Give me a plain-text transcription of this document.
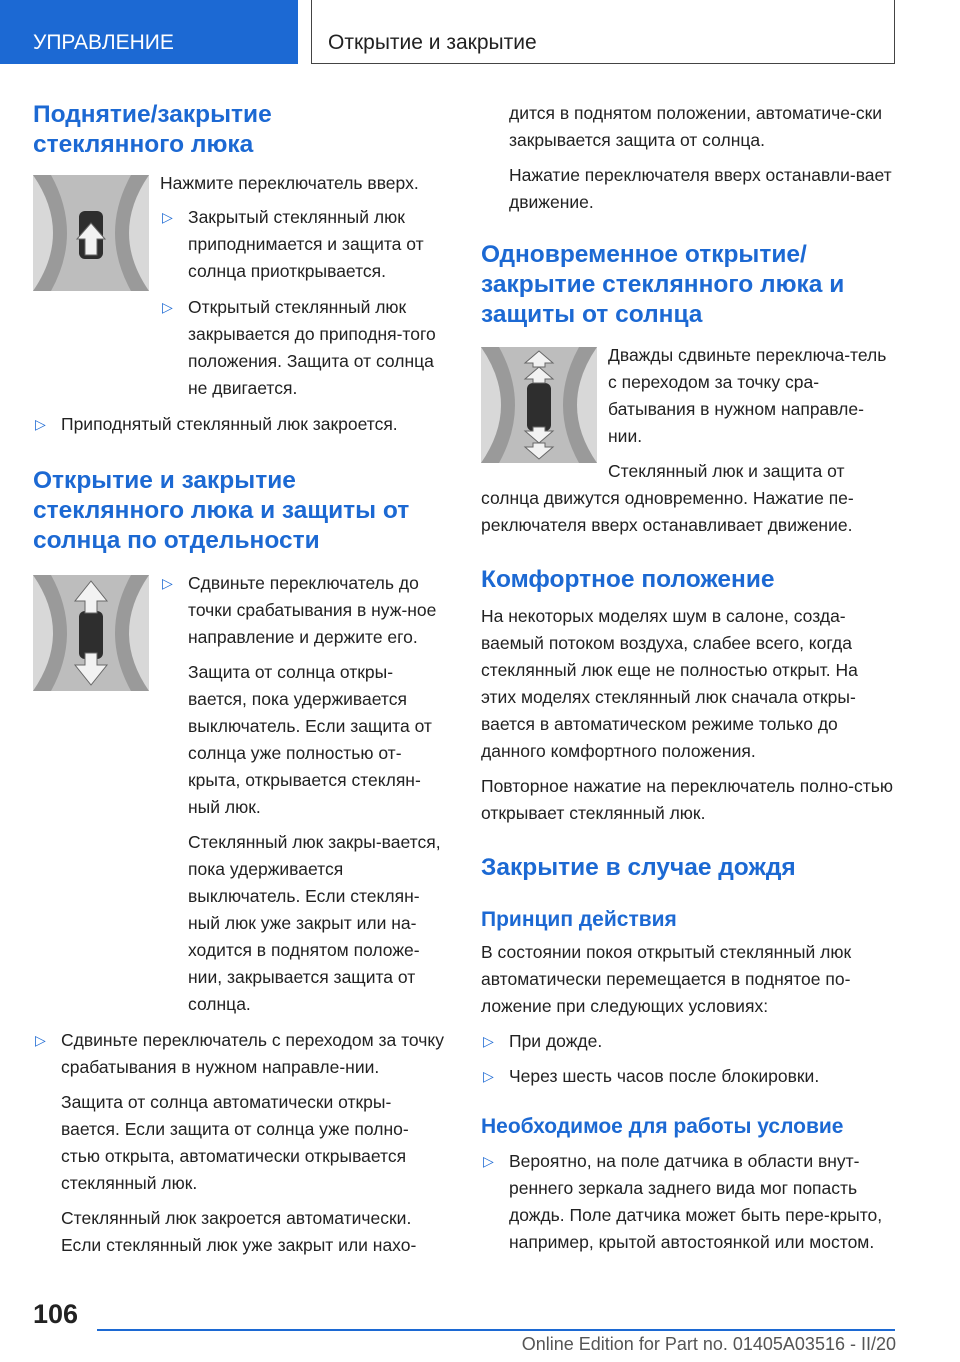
УПРАВЛЕНИЕ	Открытие и закрытие
Поднятие/закрытие стеклянного люка

Нажмите переключатель вверх.

▷ Закрытый стеклянный люк приподнимается и защита от солнца приоткрывается.
▷ Открытый стеклянный люк закрывается до приподня-того положения. Защита от солнца не двигается.
▷ Приподнятый стеклянный люк закроется.
Открытие и закрытие стеклянного люка и защиты от солнца по отдельности
▷ Сдвиньте переключатель до точки срабатывания в нуж-ное направление и держите его.

Защита от солнца откры-вается, пока удерживается выключатель. Если защита от солнца уже полностью от-крыта, открывается стеклян-ный люк.

Стеклянный люк закры-вается, пока удерживается выключатель. Если стеклян-ный люк уже закрыт или на-ходится в поднятом положе-нии, закрывается защита от солнца.

▷ Сдвиньте переключатель с переходом за точку срабатывания в нужном направле-нии.

Защита от солнца автоматически откры-вается. Если защита от солнца уже полно-стью открыта, автоматически открывается стеклянный люк.

Стеклянный люк закроется автоматически. Если стеклянный люк уже закрыт или нахо-

дится в поднятом положении, автоматиче-ски закрывается защита от солнца.

Нажатие переключателя вверх останавли-вает движение.

Одновременное открытие/закрытие стеклянного люка и защиты от солнца

Дважды сдвиньте переключа-тель с переходом за точку сра-батывания в нужном направле-нии.

Стеклянный люк и защита от

солнца движутся одновременно. Нажатие пе-реключателя вверх останавливает движение.

Комфортное положение

На некоторых моделях шум в салоне, созда-ваемый потоком воздуха, слабее всего, когда стеклянный люк еще не полностью открыт. На этих моделях стеклянный люк сначала откры-вается в автоматическом режиме только до данного комфортного положения.

Повторное нажатие на переключатель полно-стью открывает стеклянный люк.

Закрытие в случае дождя
Принцип действия

В состоянии покоя открытый стеклянный люк автоматически перемещается в поднятое по-ложение при следующих условиях:

▷ При дожде.
▷ Через шесть часов после блокировки.
Необходимое для работы условие
▷ Вероятно, на поле датчика в области внут-реннего зеркала заднего вида мог попасть дождь. Поле датчика может быть пере-крыто, например, крытой автостоянкой или мостом.
106
Online Edition for Part no. 01405A03516 - II/20
